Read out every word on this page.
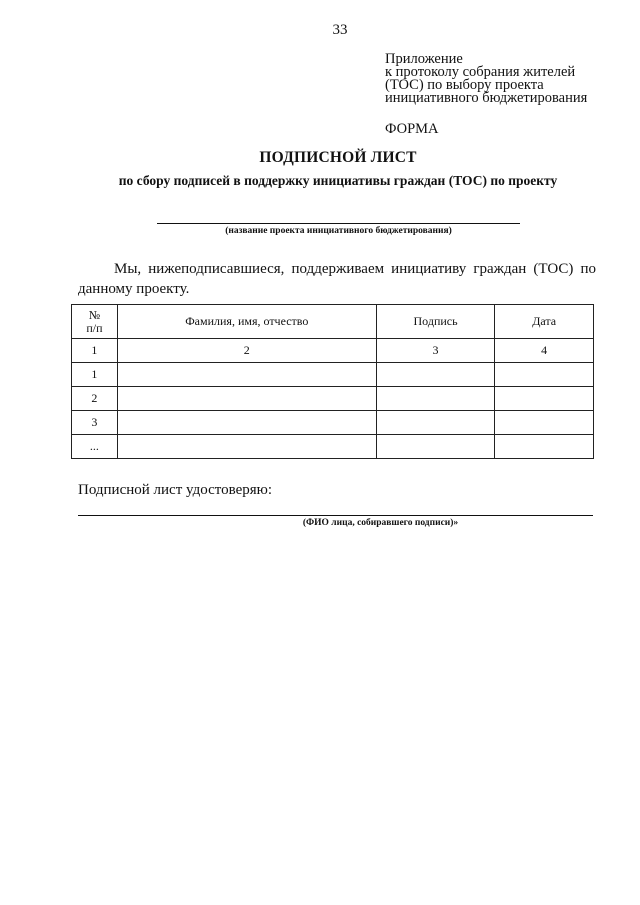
33
Приложение
к протоколу собрания жителей
(ТОС) по выбору проекта
инициативного бюджетирования
ФОРМА
ПОДПИСНОЙ ЛИСТ
по сбору подписей в поддержку инициативы граждан (ТОС) по проекту
(название проекта инициативного бюджетирования)
Мы, нижеподписавшиеся, поддерживаем инициативу граждан (ТОС) по данному проекту.
№
п/п	Фамилия, имя, отчество	Подпись	Дата
1	2	3	4
1			
2			
3			
...			
Подписной лист удостоверяю:
(ФИО лица, собиравшего подписи)»
